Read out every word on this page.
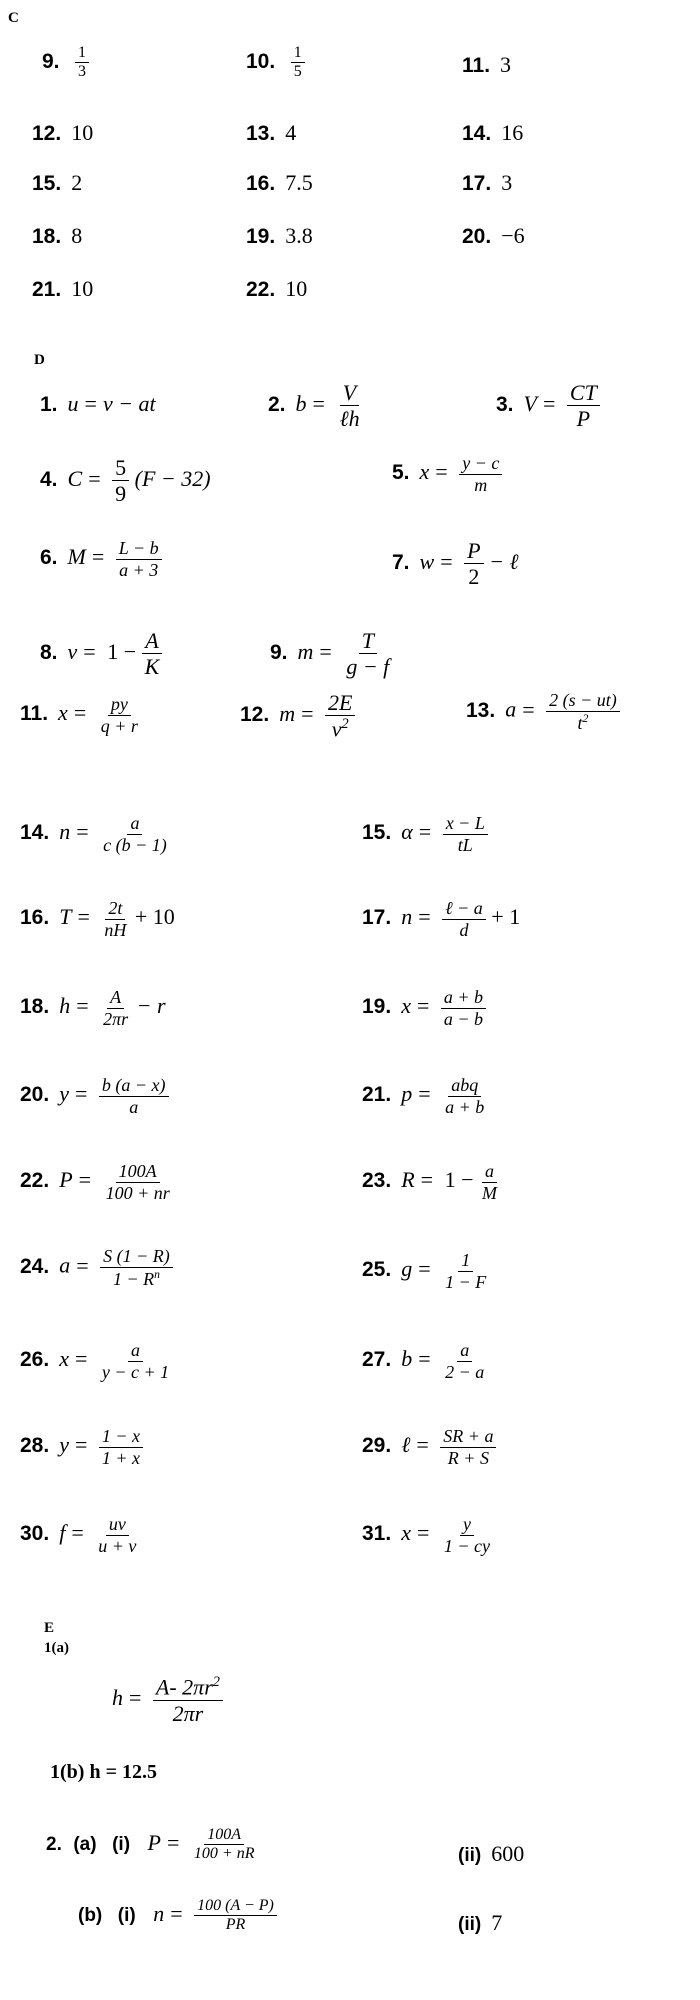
C
9. $\frac{1}{3}$	10. $\frac{1}{5}$	11. 3
12. 10	13. 4	14. 16
15. 2	16. 7.5	17. 3
18. 8	19. 3.8	20. −6
21. 10	22. 10
D
1. u = v − at	2. $b = \frac{V}{\text{ℓh}}$	3. $V = \frac{CT}{P}$
4. $C = \frac{5}{9} (F - 32)$	5. $x = \frac{y - c}{m}$
6. $M = \frac{L - b}{a + 3}$	7. $w = \frac{P}{2}$ − ℓ
8. $v = 1 - \frac{A}{K}$	9. $m = \frac{T}{g - f}$
11. $x = \frac{py}{q + r}$	12. $m = \frac{2E}{v^2}$	13. $a = \frac{2 (s - ut)}{t^2}$
14. $n = \frac{a}{c (b - 1)}$	15. $\alpha = \frac{x - L}{tL}$
16. $T = \frac{2t}{nH} + 10$	17. $n = \frac{\text{ℓ − a}}{d} + 1$
18. $h = \frac{A}{2\pi r} - r$	19. $x = \frac{a + b}{a - b}$
20. $y = \frac{b (a - x)}{a}$	21. $p = \frac{\text{abq}}{a + b}$
22. $P = \frac{100A}{100 + nr}$	23. $R = 1 - \frac{a}{M}$
24. $a = \frac{S (1 - R)}{1 - R^n}$	25. $g = \frac{1}{1 - F}$
26. $x = \frac{a}{y - c + 1}$	27. $b = \frac{a}{2 - a}$
28. $y = \frac{1 - x}{1 + x}$	29. ℓ = $\frac{SR + a}{R + S}$
30. $f = \frac{uv}{u + v}$	31. $x = \frac{y}{1 - cy}$
E
1(a)
$h = \frac{A- 2\pi r^2}{2\pi r}$
1(b) h = 12.5
2. (a) (i) $P = \frac{100A}{100 + nR}$	(ii) 600
(b) (i) $n = \frac{100 (A - P)}{PR}$	(ii) 7
